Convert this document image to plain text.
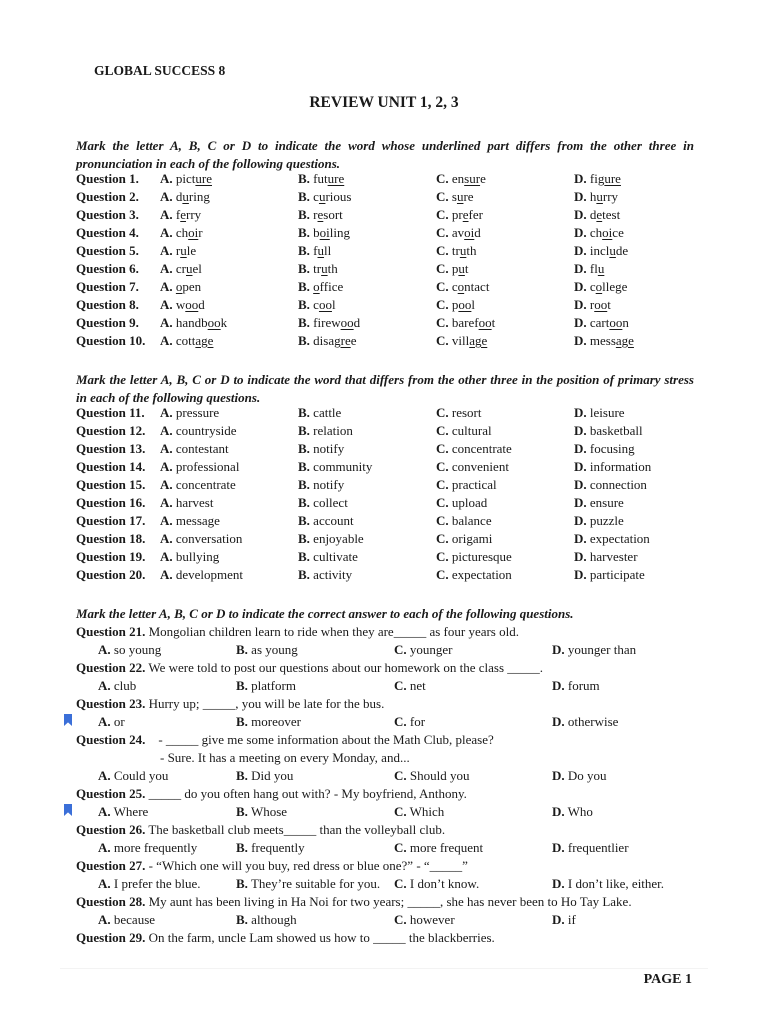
GLOBAL SUCCESS 8
REVIEW UNIT 1, 2, 3
Mark the letter A, B, C or D to indicate the word whose underlined part differs from the other three in pronunciation in each of the following questions.
Question 1. A. picture	B. future	C. ensure	D. figure
Question 2. A. during	B. curious	C. sure	D. hurry
Question 3. A. ferry	B. resort	C. prefer	D. detest
Question 4. A. choir	B. boiling	C. avoid	D. choice
Question 5. A. rule	B. full	C. truth	D. include
Question 6. A. cruel	B. truth	C. put	D. flu
Question 7. A. open	B. office	C. contact	D. college
Question 8. A. wood	B. cool	C. pool	D. root
Question 9. A. handbook	B. firewood	C. barefoot	D. cartoon
Question 10. A. cottage	B. disagree	C. village	D. message
Mark the letter A, B, C or D to indicate the word that differs from the other three in the position of primary stress in each of the following questions.
Question 11. A. pressure	B. cattle	C. resort	D. leisure
Question 12. A. countryside	B. relation	C. cultural	D. basketball
Question 13. A. contestant	B. notify	C. concentrate	D. focusing
Question 14. A. professional	B. community	C. convenient	D. information
Question 15. A. concentrate	B. notify	C. practical	D. connection
Question 16. A. harvest	B. collect	C. upload	D. ensure
Question 17. A. message	B. account	C. balance	D. puzzle
Question 18. A. conversation	B. enjoyable	C. origami	D. expectation
Question 19. A. bullying	B. cultivate	C. picturesque	D. harvester
Question 20. A. development	B. activity	C. expectation	D. participate
Mark the letter A, B, C or D to indicate the correct answer to each of the following questions.
Question 21. Mongolian children learn to ride when they are_____ as four years old.
A. so young	B. as young	C. younger	D. younger than
Question 22. We were told to post our questions about our homework on the class _____.
A. club	B. platform	C. net	D. forum
Question 23. Hurry up; _____, you will be late for the bus.
A. or	B. moreover	C. for	D. otherwise
Question 24.    - _____ give me some information about the Math Club, please?
- Sure. It has a meeting on every Monday, and...
A. Could you	B. Did you	C. Should you	D. Do you
Question 25. _____ do you often hang out with? - My boyfriend, Anthony.
A. Where	B. Whose	C. Which	D. Who
Question 26. The basketball club meets_____ than the volleyball club.
A. more frequently	B. frequently	C. more frequent	D. frequentlier
Question 27. - “Which one will you buy, red dress or blue one?” - “_____”
A. I prefer the blue.	B. They’re suitable for you. C. I don’t know.	D. I don’t like, either.
Question 28. My aunt has been living in Ha Noi for two years; _____, she has never been to Ho Tay Lake.
A. because	B. although	C. however	D. if
Question 29. On the farm, uncle Lam showed us how to _____ the blackberries.
PAGE 1
